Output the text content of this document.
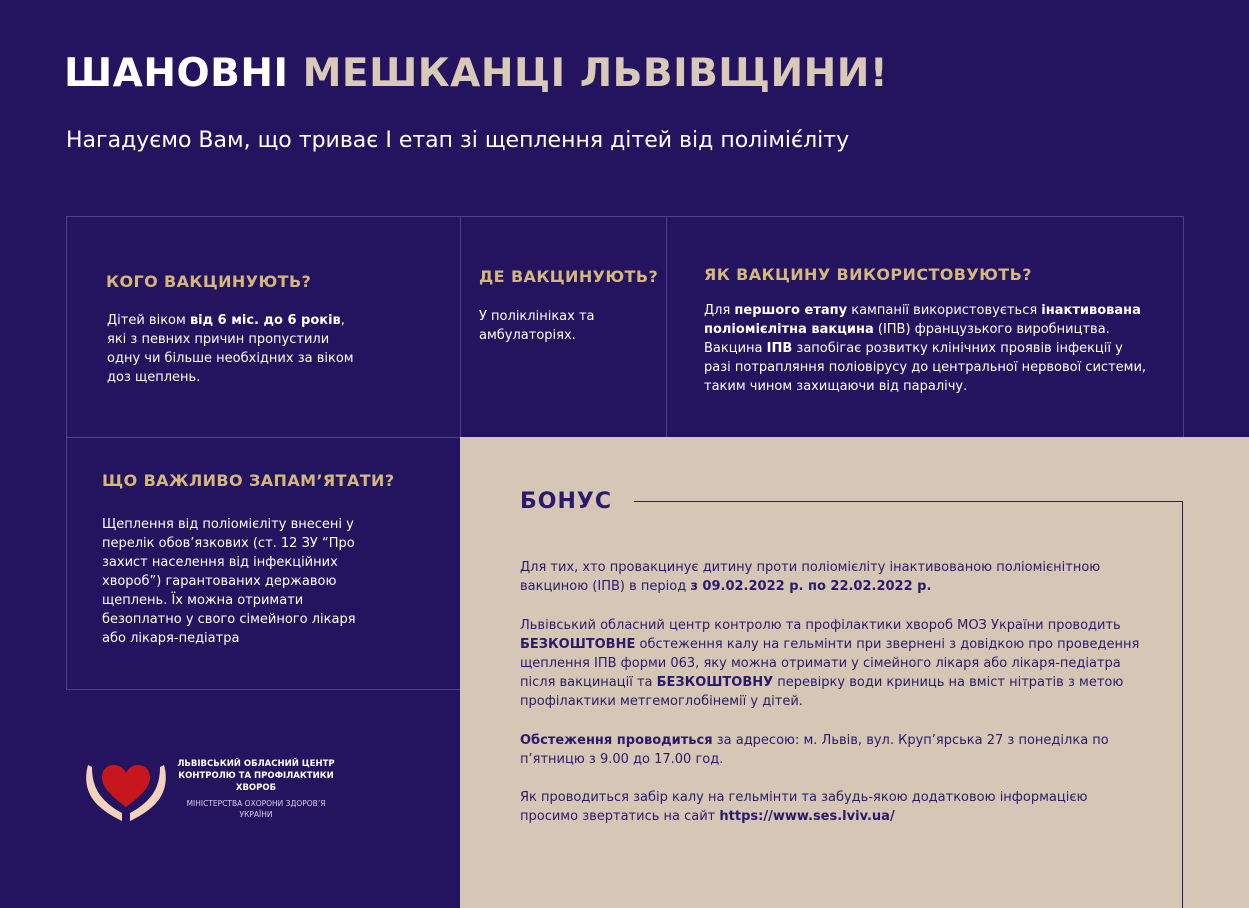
ШАНОВНІ МЕШКАНЦІ ЛЬВІВЩИНИ!

Нагадуємо Вам, що триває І етап зі щеплення дітей від поліміє́літу

КОГО ВАКЦИНУЮТЬ?

Дітей віком від 6 міс. до 6 років, які з певних причин пропустили одну чи більше необхідних за віком доз щеплень.

ДЕ ВАКЦИНУЮТЬ?

У поліклініках та амбулаторіях.

ЯК ВАКЦИНУ ВИКОРИСТОВУЮТЬ?

Для першого етапу кампанії використовується інактивована поліомієлітна вакцина (ІПВ) французького виробництва. Вакцина ІПВ запобігає розвитку клінічних проявів інфекції у разі потрапляння поліовірусу до центральної нервової системи, таким чином захищаючи від паралічу.

ЩО ВАЖЛИВО ЗАПАМ’ЯТАТИ?

Щеплення від поліомієліту внесені у перелік обов’язкових (ст. 12 ЗУ “Про захист населення від інфекційних хвороб”) гарантованих державою щеплень. Їх можна отримати безоплатно у свого сімейного лікаря або лікаря-педіатра

БОНУС

Для тих, хто провакцинує дитину проти поліомієліту інактивованою поліомієнітною вакциною (ІПВ) в період з 09.02.2022 р. по 22.02.2022 р.

Львівський обласний центр контролю та профілактики хвороб МОЗ України проводить БЕЗКОШТОВНЕ обстеження калу на гельмінти при звернені з довідкою про проведення щеплення ІПВ форми 063, яку можна отримати у сімейного лікаря або лікаря-педіатра після вакцинації та БЕЗКОШТОВНУ перевірку води криниць на вміст нітратів з метою профілактики метгемоглобінемії у дітей.

Обстеження проводиться за адресою: м. Львів, вул. Круп’ярська 27 з понеділка по п’ятницю з 9.00 до 17.00 год.

Як проводиться забір калу на гельмінти та забудь-якою додатковою інформацією просимо звертатись на сайт https://www.ses.lviv.ua/

ЛЬВІВСЬКИЙ ОБЛАСНИЙ ЦЕНТР КОНТРОЛЮ ТА ПРОФІЛАКТИКИ ХВОРОБ

МІНІСТЕРСТВА ОХОРОНИ ЗДОРОВ’Я УКРАЇНИ
